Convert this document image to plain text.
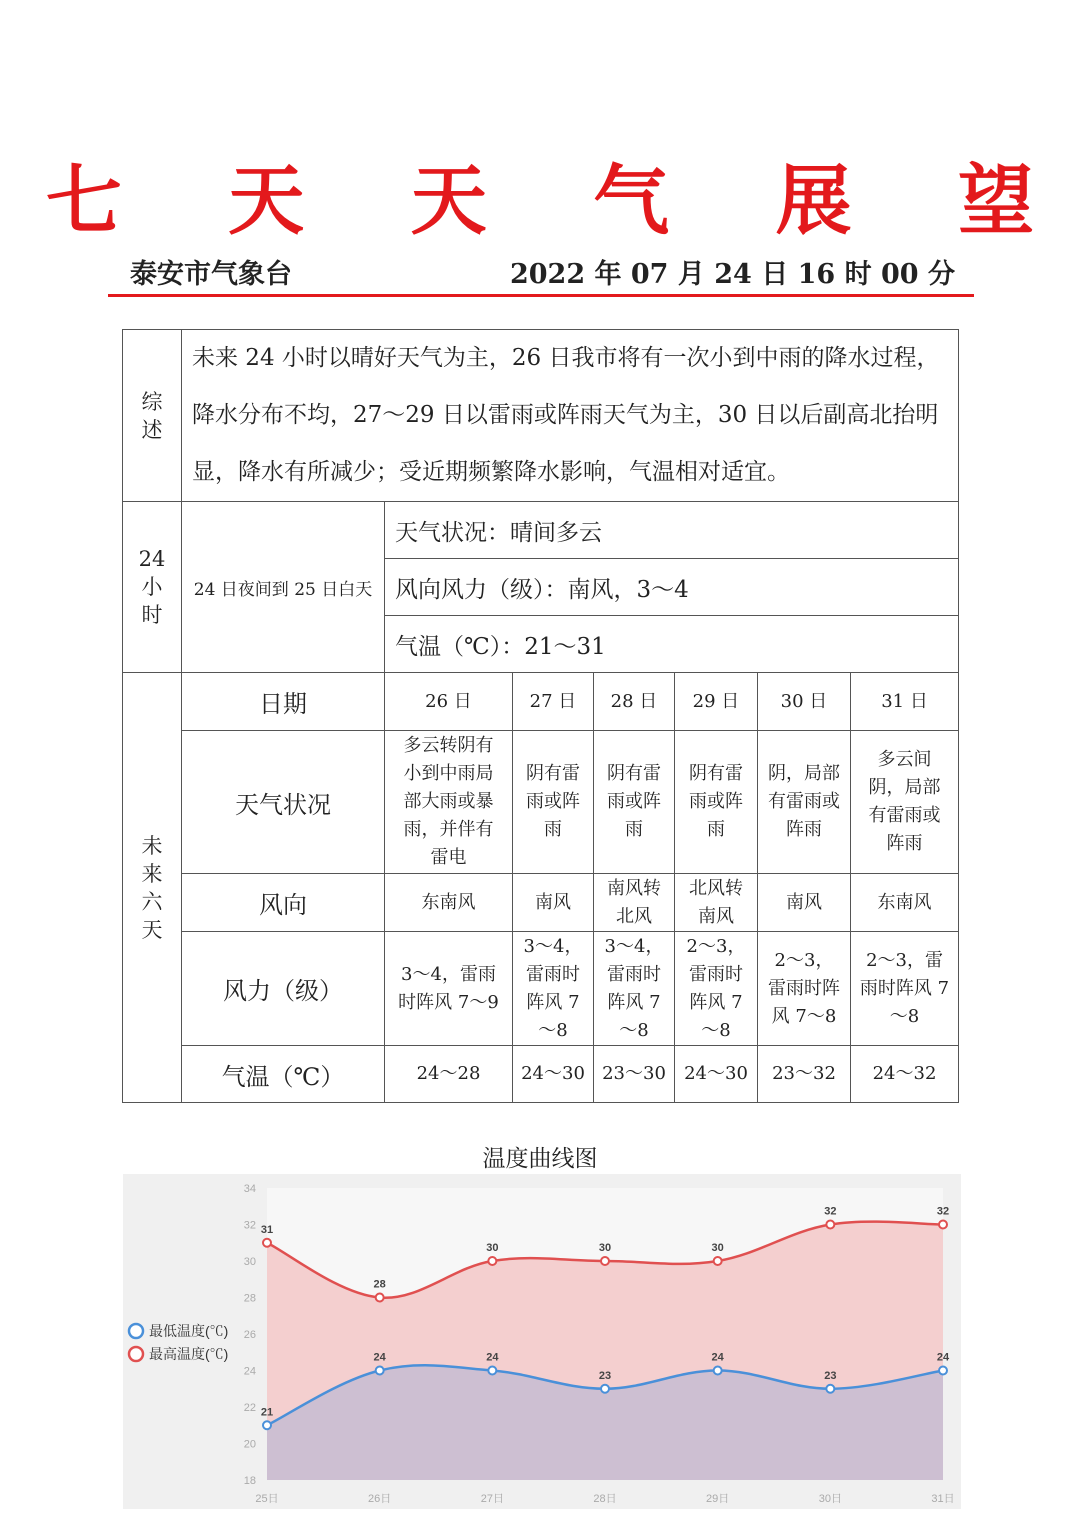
七 天 天 气 展 望
泰安市气象台	2022 年 07 月 24 日 16 时 00 分
综
述	未来 24 小时以晴好天气为主，26 日我市将有一次小到中雨的降水过程，降水分布不均，27～29 日以雷雨或阵雨天气为主，30 日以后副高北抬明显，降水有所减少；受近期频繁降水影响，气温相对适宜。						

24
小
时	24 日夜间到 25 日白天	天气状况：晴间多云					
		风向风力（级）：南风，3～4					
		气温（℃）：21～31					

未
来
六
天	日期	26 日	27 日	28 日	29 日	30 日	31 日
	天气状况	多云转阴有小到中雨局部大雨或暴雨，并伴有雷电	阴有雷雨或阵雨	阴有雷雨或阵雨	阴有雷雨或阵雨	阴，局部有雷雨或阵雨	多云间阴，局部有雷雨或阵雨
	风向	东南风	南风	南风转北风	北风转南风	南风	东南风
	风力（级）	3～4，雷雨时阵风 7～9	3～4，雷雨时阵风 7～8	3～4，雷雨时阵风 7～8	2～3，雷雨时阵风 7～8	2～3，雷雨时阵风 7～8	2～3，雷雨时阵风 7～8
	气温（℃）	24～28	24～30	23～30	24～30	23～32	24～32
温度曲线图
18
20
22
24
26
28
30
32
34
25日	26日	27日	28日	29日	30日	31日
31
28
30	30	30
32	32
21
24	24
23
24
23
24
最低温度(℃)
最高温度(℃)
